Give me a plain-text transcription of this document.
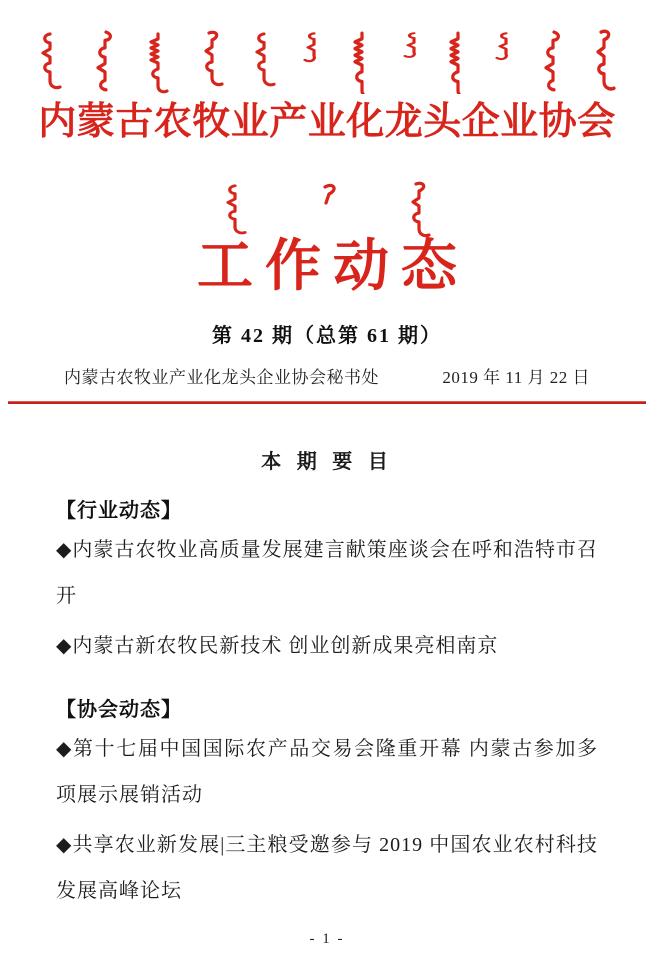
内蒙古农牧业产业化龙头企业协会
工作动态
第 42 期（总第 61 期）
内蒙古农牧业产业化龙头企业协会秘书处	2019 年 11 月 22 日
本 期 要 目
【行业动态】
◆内蒙古农牧业高质量发展建言献策座谈会在呼和浩特市召开
◆内蒙古新农牧民新技术 创业创新成果亮相南京
【协会动态】
◆第十七届中国国际农产品交易会隆重开幕 内蒙古参加多项展示展销活动
◆共享农业新发展|三主粮受邀参与 2019 中国农业农村科技发展高峰论坛
- 1 -
